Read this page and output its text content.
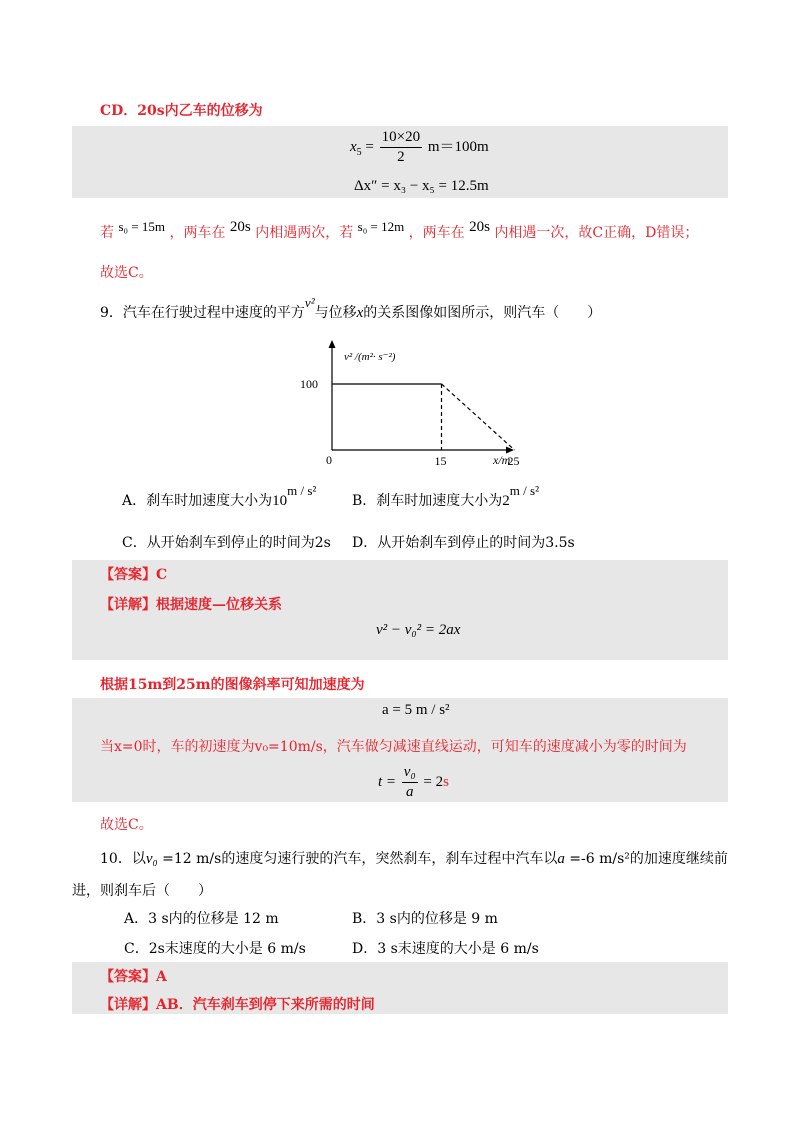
CD．20s内乙车的位移为
$x_5 = \frac{10\times 20}{2} m=100m$
Δx″ = x₃ − x₅ = 12.5m
若 s₀ = 15m ，两车在 20s 内相遇两次，若 s₀ = 12m ，两车在 20s 内相遇一次，故C正确，D错误；
故选C。
9．汽车在行驶过程中速度的平方v²与位移x的关系图像如图所示，则汽车（　　）
v² /(m²· s⁻²)
x/m
0
100
15	25
A．刹车时加速度大小为10m / s²
B．刹车时加速度大小为2m / s²
C．从开始刹车到停止的时间为2s D．从开始刹车到停止的时间为3.5s
【答案】C
【详解】根据速度—位移关系
v² − v₀² = 2ax
根据15m到25m的图像斜率可知加速度为
a = 5 m / s²
当x=0时，车的初速度为v₀=10m/s，汽车做匀减速直线运动，可知车的速度减小为零的时间为
$t = \frac{\text{v₀}}{a} = 2s$
故选C。
10．以v₀ =12 m/s的速度匀速行驶的汽车，突然刹车，刹车过程中汽车以a =-6 m/s²的加速度继续前
进，则刹车后（　　）
A．3 s内的位移是 12 m	B．3 s内的位移是 9 m
C．2s末速度的大小是 6 m/s	D．3 s末速度的大小是 6 m/s
【答案】A
【详解】AB．汽车刹车到停下来所需的时间
